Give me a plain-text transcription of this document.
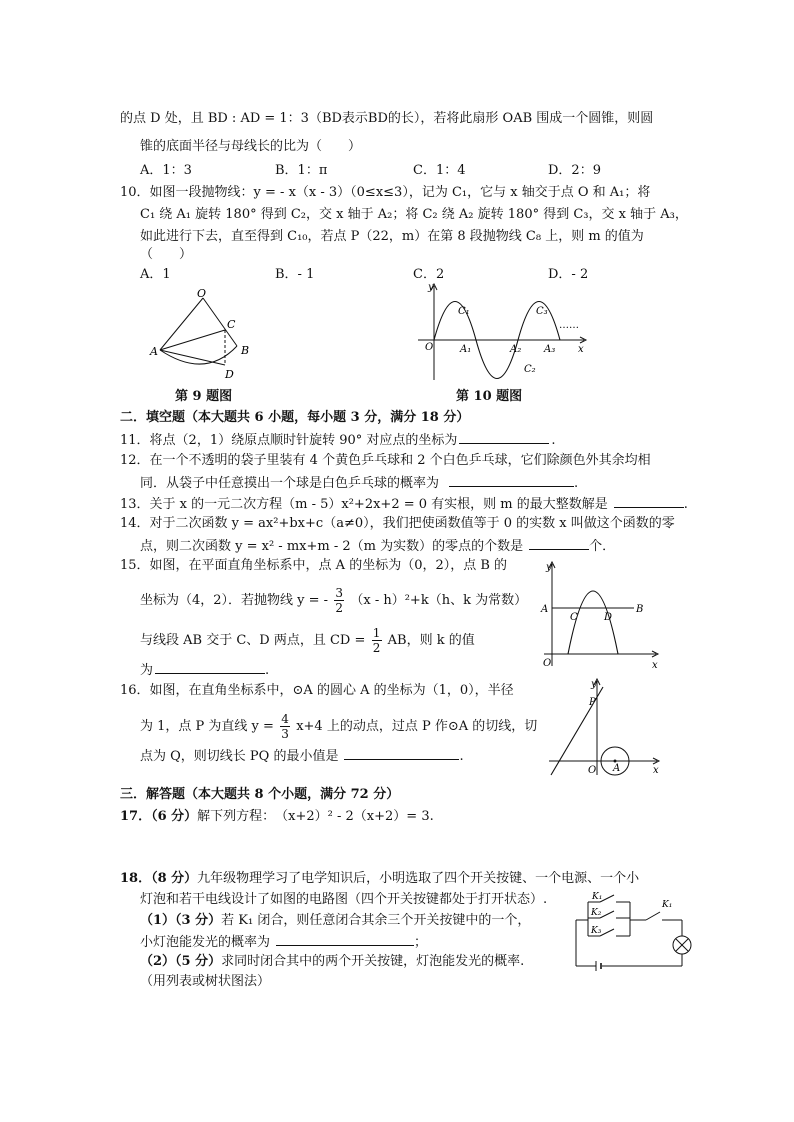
的点 D 处，且 BD : AD = 1：3（BD表示BD的长），若将此扇形 OAB 围成一个圆锥，则圆
锥的底面半径与母线长的比为（　　）
A．1：3	B．1：π	C．1：4	D．2：9
10．如图一段抛物线：y = - x（x - 3）（0≤x≤3），记为 C₁，它与 x 轴交于点 O 和 A₁；将
C₁ 绕 A₁ 旋转 180° 得到 C₂，交 x 轴于 A₂；将 C₂ 绕 A₂ 旋转 180° 得到 C₃，交 x 轴于 A₃，
如此进行下去，直至得到 C₁₀，若点 P（22，m）在第 8 段抛物线 C₈ 上，则 m 的值为
（　　）
A．1	B．- 1	C．2	D．- 2
O
C
A	B
D
第 9 题图
y
x
O	A₁	A₂ A₃
C₁
C₂
C₃
……
第 10 题图
二．填空题（本大题共 6 小题，每小题 3 分，满分 18 分）
11．将点（2，1）绕原点顺时针旋转 90° 对应点的坐标为	.
12．在一个不透明的袋子里装有 4 个黄色乒乓球和 2 个白色乒乓球，它们除颜色外其余均相
同．从袋子中任意摸出一个球是白色乒乓球的概率为	.
13．关于 x 的一元二次方程（m - 5）x²+2x+2 = 0 有实根，则 m 的最大整数解是	.
14．对于二次函数 y = ax²+bx+c（a≠0），我们把使函数值等于 0 的实数 x 叫做这个函数的零
点，则二次函数 y = x² - mx+m - 2（m 为实数）的零点的个数是	个．
15．如图，在平面直角坐标系中，点 A 的坐标为（0，2），点 B 的
坐标为（4，2）．若抛物线 y = - $\frac{3}{2} (x - h)^2+k(h$、k 为常数）
与线段 AB 交于 C、D 两点，且 CD = $\frac{1}{2}$ AB，则 k 的值
为	.
y
x
A	B
C	D
O
16．如图，在直角坐标系中，⊙A 的圆心 A 的坐标为（1，0），半径
为 1，点 P 为直线 $y = \frac{4}{3} x+4$ 上的动点，过点 P 作⊙A 的切线，切
点为 Q，则切线长 PQ 的最小值是	.
y
x
P
O A
三．解答题（本大题共 8 个小题，满分 72 分）
17．（6 分）解下列方程：　（x+2）² - 2（x+2）= 3.
18．（8 分）九年级物理学习了电学知识后，小明选取了四个开关按键、一个电源、一个小
灯泡和若干电线设计了如图的电路图（四个开关按键都处于打开状态）.
（1）（3 分）若 K₁ 闭合，则任意闭合其余三个开关按键中的一个，
小灯泡能发光的概率为	；
（2）（5 分）求同时闭合其中的两个开关按键，灯泡能发光的概率.
（用列表或树状图法）
K₁
K₂
K₃
K₁
